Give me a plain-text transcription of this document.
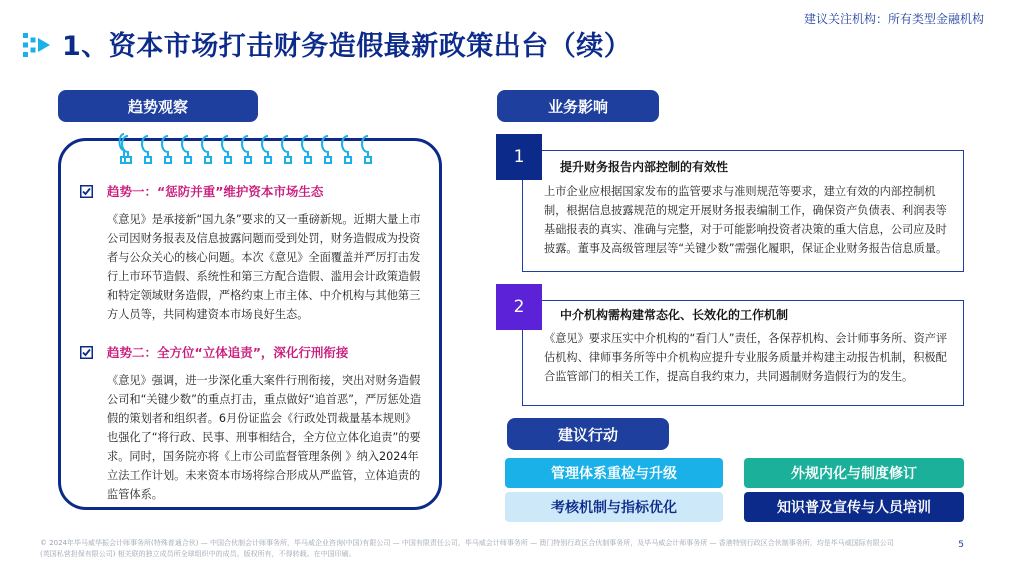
建议关注机构：所有类型金融机构
1、资本市场打击财务造假最新政策出台（续）
趋势观察
趋势一：“惩防并重”维护资本市场生态
《意见》是承接新“国九条”要求的又一重磅新规。近期大量上市公司因财务报表及信息披露问题而受到处罚，财务造假成为投资者与公众关心的核心问题。本次《意见》全面覆盖并严厉打击发行上市环节造假、系统性和第三方配合造假、滥用会计政策造假和特定领域财务造假，严格约束上市主体、中介机构与其他第三方人员等，共同构建资本市场良好生态。
趋势二：全方位“立体追责”，深化行刑衔接
《意见》强调，进一步深化重大案件行刑衔接，突出对财务造假公司和“关键少数”的重点打击，重点做好“追首恶”，严厉惩处造假的策划者和组织者。6月份证监会《行政处罚裁量基本规则》也强化了“将行政、民事、刑事相结合，全方位立体化追责”的要求。同时，国务院亦将《上市公司监督管理条例 》纳入2024年立法工作计划。未来资本市场将综合形成从严监管，立体追责的监管体系。
业务影响
1	提升财务报告内部控制的有效性
上市企业应根据国家发布的监管要求与准则规范等要求，建立有效的内部控制机制，根据信息披露规范的规定开展财务报表编制工作，确保资产负债表、利润表等基础报表的真实、准确与完整，对于可能影响投资者决策的重大信息，公司应及时披露。董事及高级管理层等“关键少数”需强化履职，保证企业财务报告信息质量。
2	中介机构需构建常态化、长效化的工作机制
《意见》要求压实中介机构的“看门人”责任，各保荐机构、会计师事务所、资产评估机构、律师事务所等中介机构应提升专业服务质量并构建主动报告机制，积极配合监管部门的相关工作，提高自我约束力，共同遏制财务造假行为的发生。
建议行动
管理体系重检与升级	外规内化与制度修订
考核机制与指标优化	知识普及宣传与人员培训
© 2024年毕马威华振会计师事务所(特殊普通合伙) — 中国合伙制会计师事务所，毕马威企业咨询(中国)有限公司 — 中国有限责任公司，毕马威会计师事务所 — 澳门特别行政区合伙制事务所，及毕马威会计师事务所 — 香港特别行政区合伙制事务所，均是毕马威国际有限公司(英国私营担保有限公司) 相关联的独立成员所全球组织中的成员。版权所有，不得转载。在中国印刷。
5
